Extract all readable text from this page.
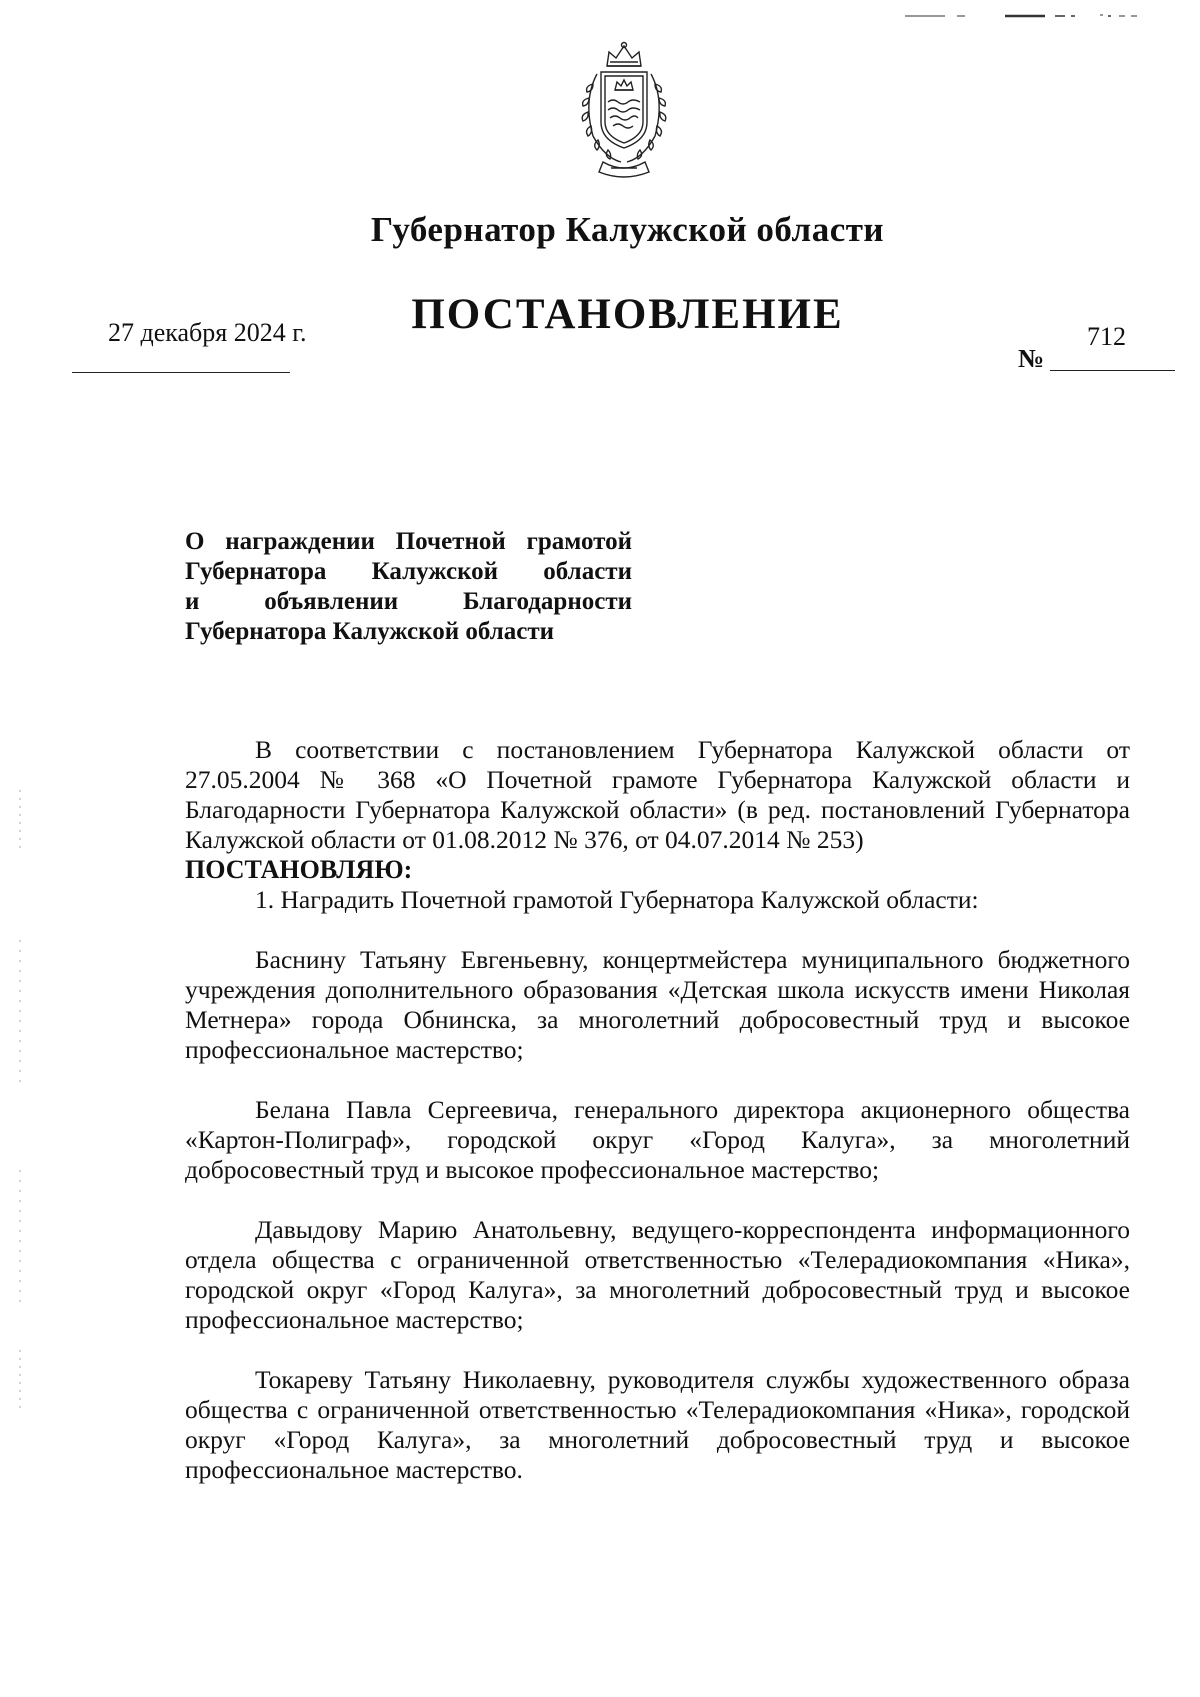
Губернатор Калужской области
ПОСТАНОВЛЕНИЕ
27 декабря 2024 г.
№
712
О награждении Почетной грамотой
Губернатора Калужской области
и объявлении Благодарности
Губернатора Калужской области

В соответствии с постановлением Губернатора Калужской области от 27.05.2004 № 368 «О Почетной грамоте Губернатора Калужской области и Благодарности Губернатора Калужской области» (в ред. постановлений Губернатора Калужской области от 01.08.2012 № 376, от 04.07.2014 № 253)

ПОСТАНОВЛЯЮ:

1. Наградить Почетной грамотой Губернатора Калужской области:

Баснину Татьяну Евгеньевну, концертмейстера муниципального бюджетного учреждения дополнительного образования «Детская школа искусств имени Николая Метнера» города Обнинска, за многолетний добросовестный труд и высокое профессиональное мастерство;

Белана Павла Сергеевича, генерального директора акционерного общества «Картон-Полиграф», городской округ «Город Калуга», за многолетний добросовестный труд и высокое профессиональное мастерство;

Давыдову Марию Анатольевну, ведущего-корреспондента информационного отдела общества с ограниченной ответственностью «Телерадиокомпания «Ника», городской округ «Город Калуга», за многолетний добросовестный труд и высокое профессиональное мастерство;

Токареву Татьяну Николаевну, руководителя службы художественного образа общества с ограниченной ответственностью «Телерадиокомпания «Ника», городской округ «Город Калуга», за многолетний добросовестный труд и высокое профессиональное мастерство.
